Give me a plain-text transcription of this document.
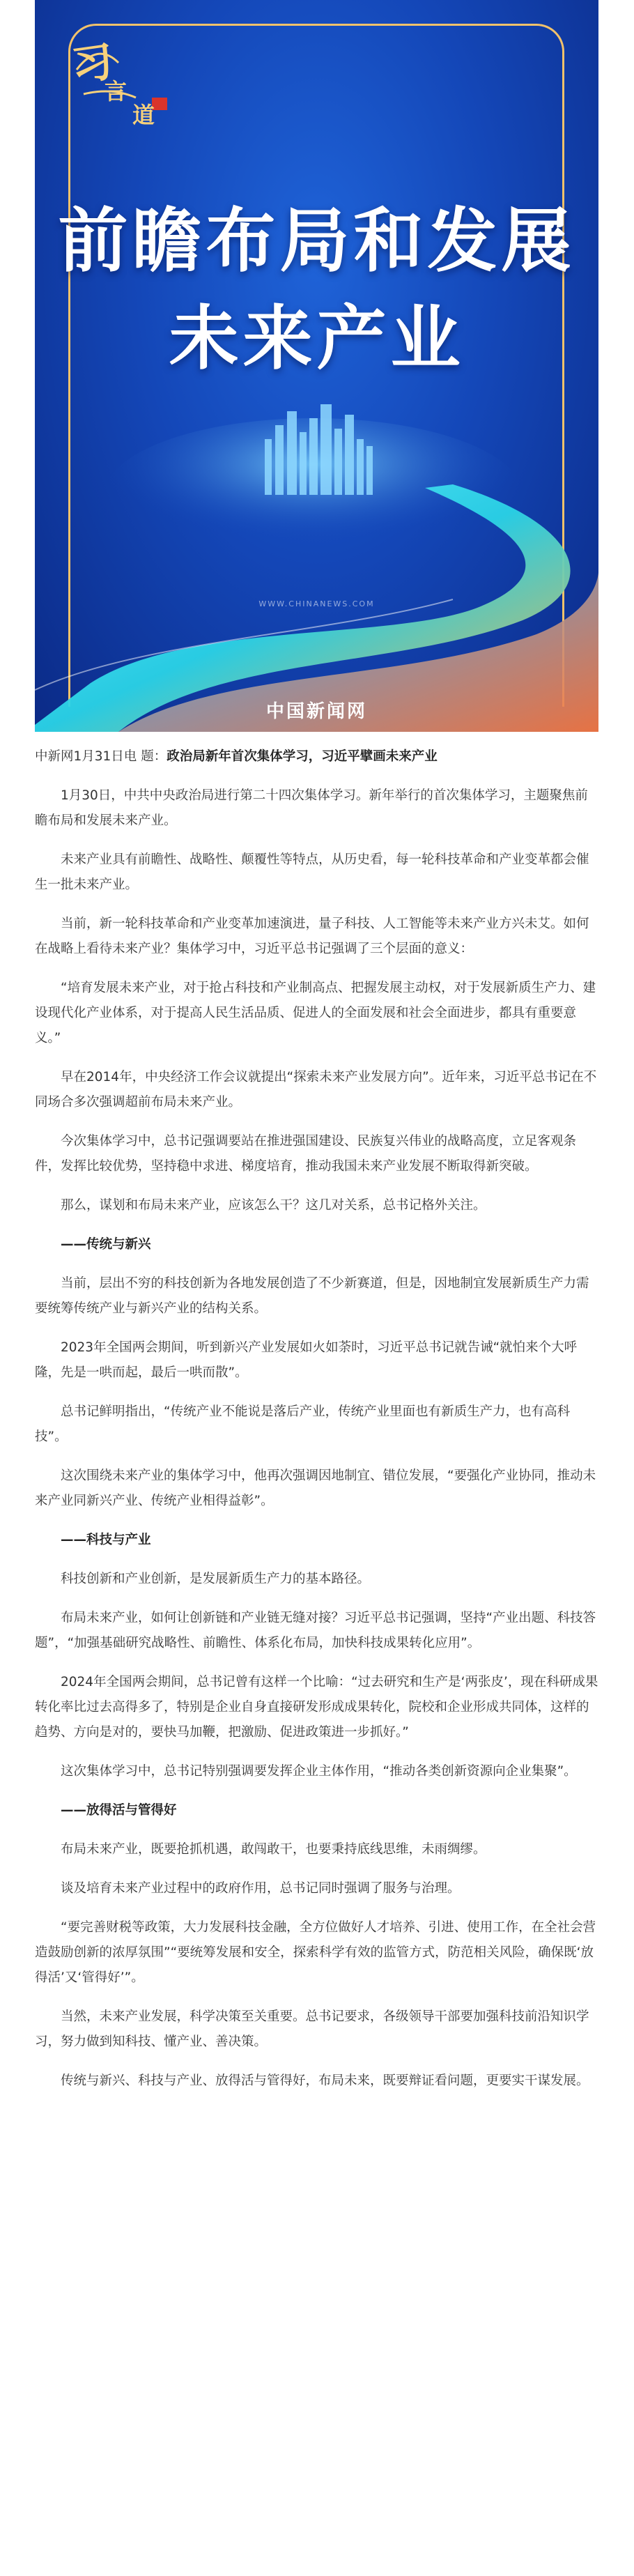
习
言
道
前瞻布局和发展
未来产业
WWW.CHINANEWS.COM
中国新闻网

中新网1月31日电 题：政治局新年首次集体学习，习近平擘画未来产业

1月30日，中共中央政治局进行第二十四次集体学习。新年举行的首次集体学习，主题聚焦前瞻布局和发展未来产业。

未来产业具有前瞻性、战略性、颠覆性等特点，从历史看，每一轮科技革命和产业变革都会催生一批未来产业。

当前，新一轮科技革命和产业变革加速演进，量子科技、人工智能等未来产业方兴未艾。如何在战略上看待未来产业？集体学习中，习近平总书记强调了三个层面的意义：

“培育发展未来产业，对于抢占科技和产业制高点、把握发展主动权，对于发展新质生产力、建设现代化产业体系，对于提高人民生活品质、促进人的全面发展和社会全面进步，都具有重要意义。”

早在2014年，中央经济工作会议就提出“探索未来产业发展方向”。近年来，习近平总书记在不同场合多次强调超前布局未来产业。

今次集体学习中，总书记强调要站在推进强国建设、民族复兴伟业的战略高度，立足客观条件，发挥比较优势，坚持稳中求进、梯度培育，推动我国未来产业发展不断取得新突破。

那么，谋划和布局未来产业，应该怎么干？这几对关系，总书记格外关注。

——传统与新兴

当前，层出不穷的科技创新为各地发展创造了不少新赛道，但是，因地制宜发展新质生产力需要统筹传统产业与新兴产业的结构关系。

2023年全国两会期间，听到新兴产业发展如火如荼时，习近平总书记就告诫“就怕来个大呼隆，先是一哄而起，最后一哄而散”。

总书记鲜明指出，“传统产业不能说是落后产业，传统产业里面也有新质生产力，也有高科技”。

这次围绕未来产业的集体学习中，他再次强调因地制宜、错位发展，“要强化产业协同，推动未来产业同新兴产业、传统产业相得益彰”。

——科技与产业

科技创新和产业创新，是发展新质生产力的基本路径。

布局未来产业，如何让创新链和产业链无缝对接？习近平总书记强调，坚持“产业出题、科技答题”，“加强基础研究战略性、前瞻性、体系化布局，加快科技成果转化应用”。

2024年全国两会期间，总书记曾有这样一个比喻：“过去研究和生产是‘两张皮’，现在科研成果转化率比过去高得多了，特别是企业自身直接研发形成成果转化，院校和企业形成共同体，这样的趋势、方向是对的，要快马加鞭，把激励、促进政策进一步抓好。”

这次集体学习中，总书记特别强调要发挥企业主体作用，“推动各类创新资源向企业集聚”。

——放得活与管得好

布局未来产业，既要抢抓机遇，敢闯敢干，也要秉持底线思维，未雨绸缪。

谈及培育未来产业过程中的政府作用，总书记同时强调了服务与治理。

“要完善财税等政策，大力发展科技金融，全方位做好人才培养、引进、使用工作，在全社会营造鼓励创新的浓厚氛围”“要统筹发展和安全，探索科学有效的监管方式，防范相关风险，确保既‘放得活’又‘管得好’”。

当然，未来产业发展，科学决策至关重要。总书记要求，各级领导干部要加强科技前沿知识学习，努力做到知科技、懂产业、善决策。

传统与新兴、科技与产业、放得活与管得好，布局未来，既要辩证看问题，更要实干谋发展。
